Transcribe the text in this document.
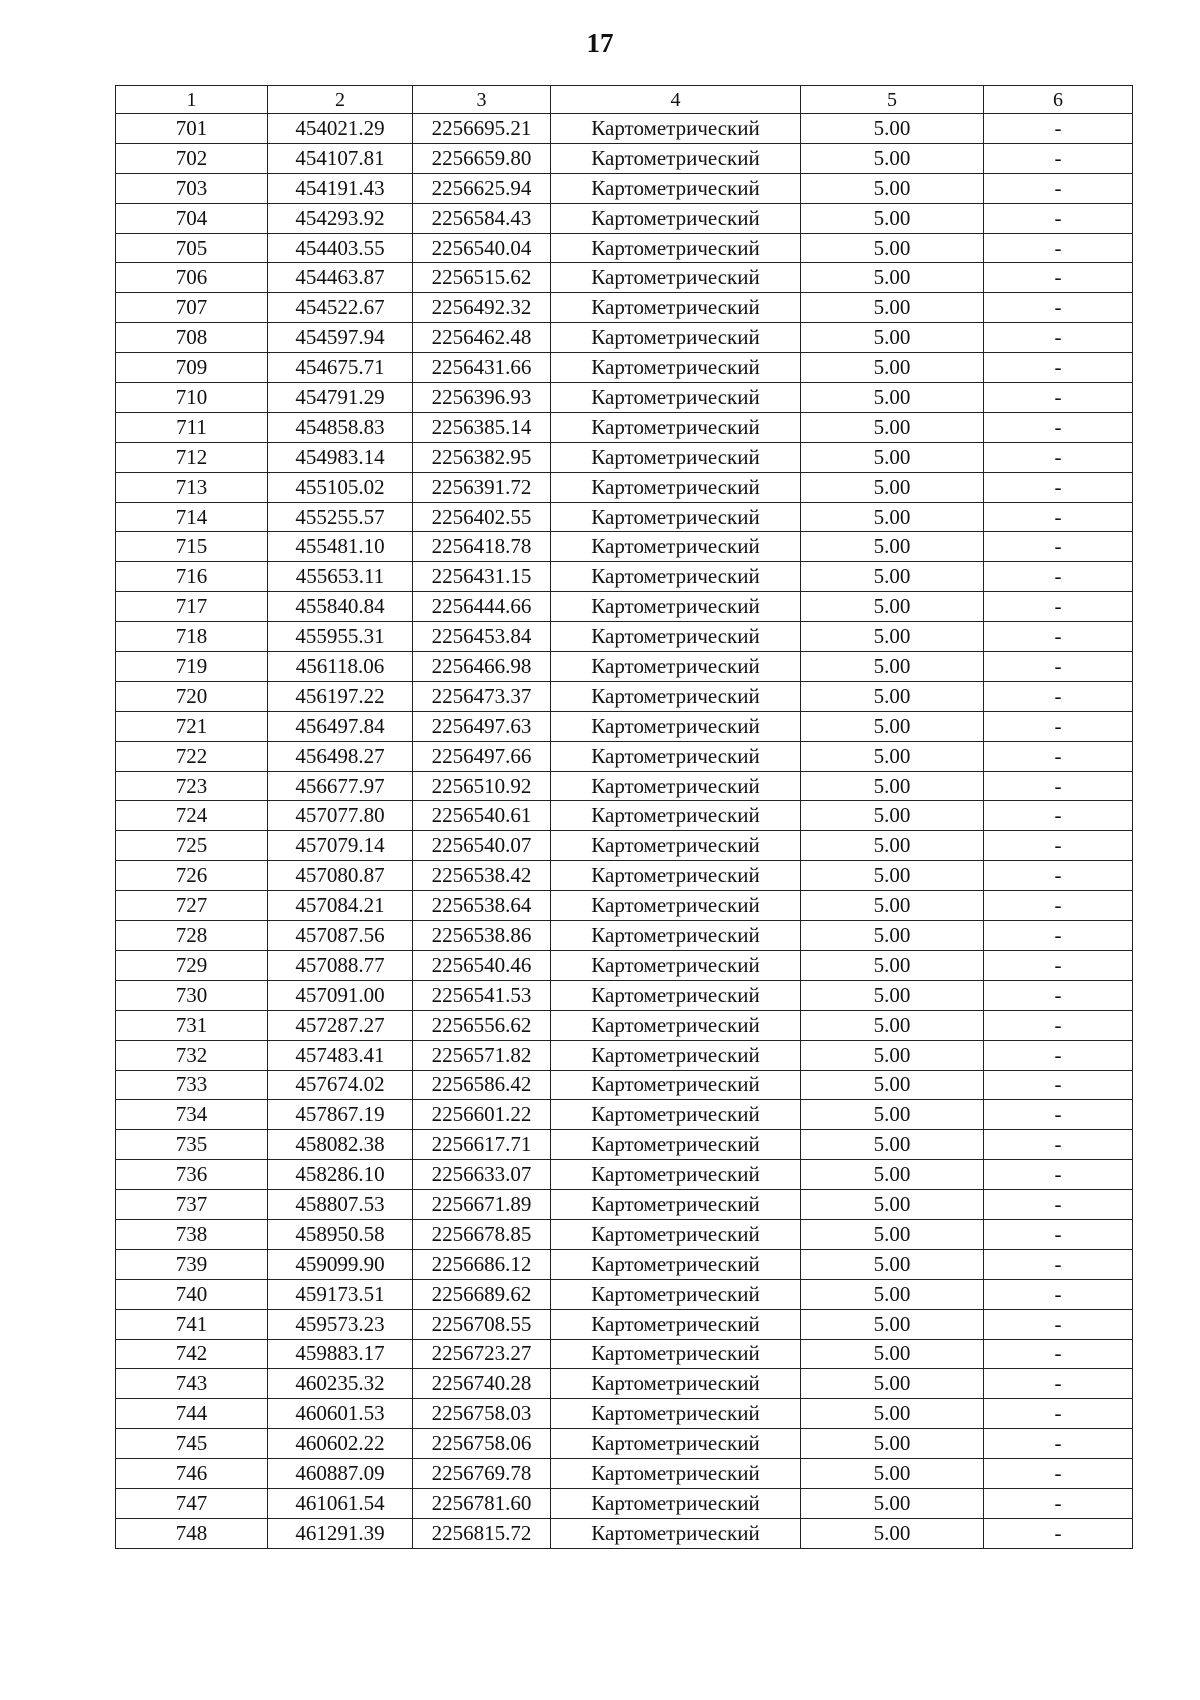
17
1	2	3	4	5	6
701	454021.29	2256695.21	Картометрический	5.00	-
702	454107.81	2256659.80	Картометрический	5.00	-
703	454191.43	2256625.94	Картометрический	5.00	-
704	454293.92	2256584.43	Картометрический	5.00	-
705	454403.55	2256540.04	Картометрический	5.00	-
706	454463.87	2256515.62	Картометрический	5.00	-
707	454522.67	2256492.32	Картометрический	5.00	-
708	454597.94	2256462.48	Картометрический	5.00	-
709	454675.71	2256431.66	Картометрический	5.00	-
710	454791.29	2256396.93	Картометрический	5.00	-
711	454858.83	2256385.14	Картометрический	5.00	-
712	454983.14	2256382.95	Картометрический	5.00	-
713	455105.02	2256391.72	Картометрический	5.00	-
714	455255.57	2256402.55	Картометрический	5.00	-
715	455481.10	2256418.78	Картометрический	5.00	-
716	455653.11	2256431.15	Картометрический	5.00	-
717	455840.84	2256444.66	Картометрический	5.00	-
718	455955.31	2256453.84	Картометрический	5.00	-
719	456118.06	2256466.98	Картометрический	5.00	-
720	456197.22	2256473.37	Картометрический	5.00	-
721	456497.84	2256497.63	Картометрический	5.00	-
722	456498.27	2256497.66	Картометрический	5.00	-
723	456677.97	2256510.92	Картометрический	5.00	-
724	457077.80	2256540.61	Картометрический	5.00	-
725	457079.14	2256540.07	Картометрический	5.00	-
726	457080.87	2256538.42	Картометрический	5.00	-
727	457084.21	2256538.64	Картометрический	5.00	-
728	457087.56	2256538.86	Картометрический	5.00	-
729	457088.77	2256540.46	Картометрический	5.00	-
730	457091.00	2256541.53	Картометрический	5.00	-
731	457287.27	2256556.62	Картометрический	5.00	-
732	457483.41	2256571.82	Картометрический	5.00	-
733	457674.02	2256586.42	Картометрический	5.00	-
734	457867.19	2256601.22	Картометрический	5.00	-
735	458082.38	2256617.71	Картометрический	5.00	-
736	458286.10	2256633.07	Картометрический	5.00	-
737	458807.53	2256671.89	Картометрический	5.00	-
738	458950.58	2256678.85	Картометрический	5.00	-
739	459099.90	2256686.12	Картометрический	5.00	-
740	459173.51	2256689.62	Картометрический	5.00	-
741	459573.23	2256708.55	Картометрический	5.00	-
742	459883.17	2256723.27	Картометрический	5.00	-
743	460235.32	2256740.28	Картометрический	5.00	-
744	460601.53	2256758.03	Картометрический	5.00	-
745	460602.22	2256758.06	Картометрический	5.00	-
746	460887.09	2256769.78	Картометрический	5.00	-
747	461061.54	2256781.60	Картометрический	5.00	-
748	461291.39	2256815.72	Картометрический	5.00	-
